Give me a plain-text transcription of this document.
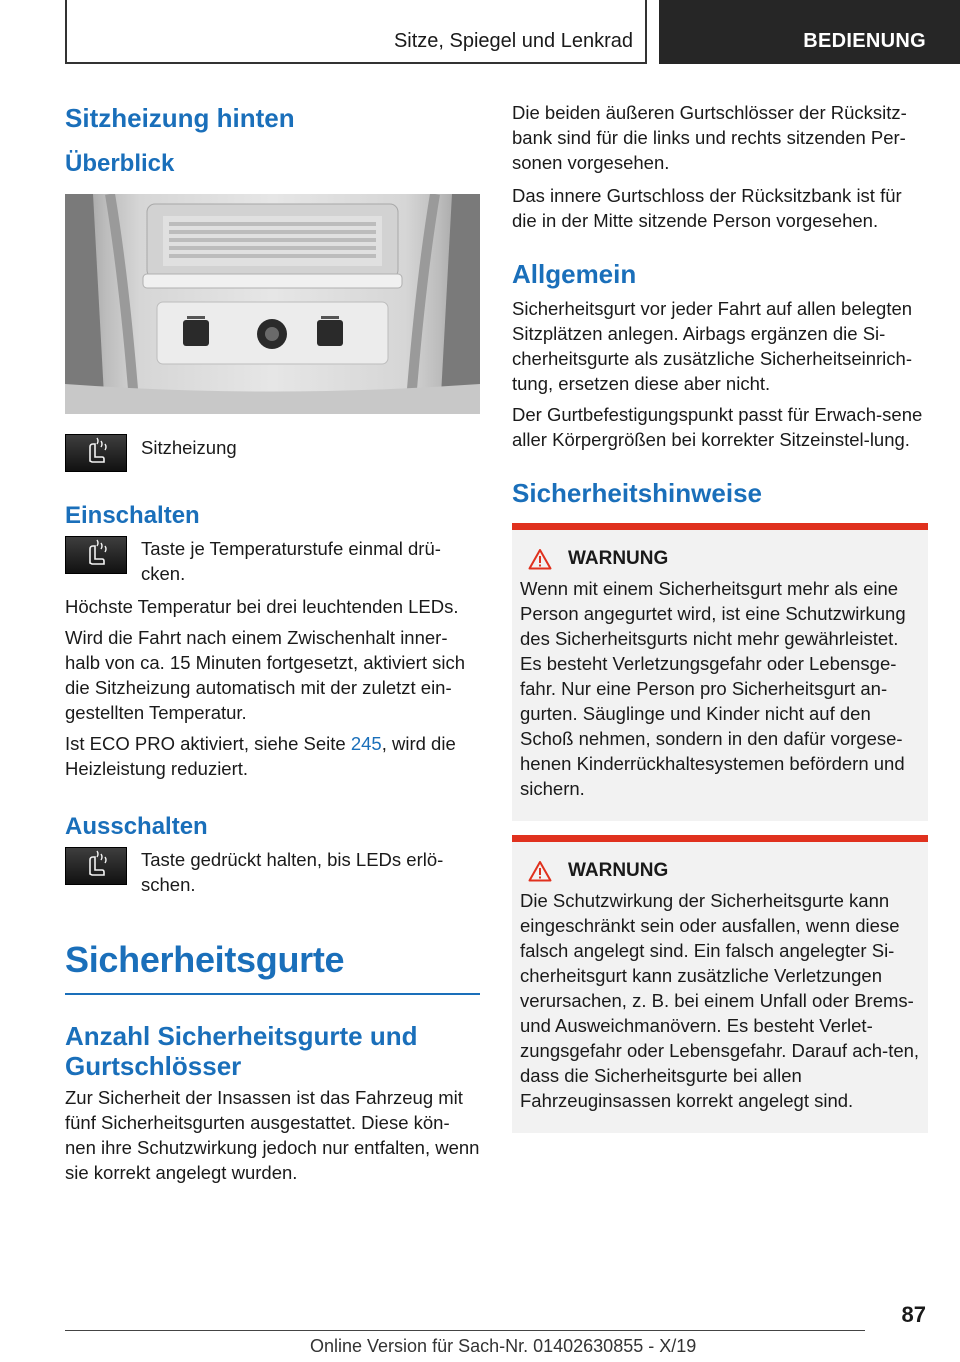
Sitze, Spiegel und Lenkrad	BEDIENUNG
Sitzheizung hinten
Überblick

Sitzheizung

Einschalten

Taste je Temperaturstufe einmal drü-cken.

Höchste Temperatur bei drei leuchtenden LEDs.

Wird die Fahrt nach einem Zwischenhalt inner-halb von ca. 15 Minuten fortgesetzt, aktiviert sich die Sitzheizung automatisch mit der zuletzt ein-gestellten Temperatur.

Ist ECO PRO aktiviert, siehe Seite 245, wird die Heizleistung reduziert.

Ausschalten

Taste gedrückt halten, bis LEDs erlö-schen.

Sicherheitsgurte
Anzahl Sicherheitsgurte und Gurtschlösser

Zur Sicherheit der Insassen ist das Fahrzeug mit fünf Sicherheitsgurten ausgestattet. Diese kön-nen ihre Schutzwirkung jedoch nur entfalten, wenn sie korrekt angelegt wurden.

Die beiden äußeren Gurtschlösser der Rücksitz-bank sind für die links und rechts sitzenden Per-sonen vorgesehen.

Das innere Gurtschloss der Rücksitzbank ist für die in der Mitte sitzende Person vorgesehen.

Allgemein

Sicherheitsgurt vor jeder Fahrt auf allen belegten Sitzplätzen anlegen. Airbags ergänzen die Si-cherheitsgurte als zusätzliche Sicherheitseinrich-tung, ersetzen diese aber nicht.

Der Gurtbefestigungspunkt passt für Erwach-sene aller Körpergrößen bei korrekter Sitzeinstel-lung.

Sicherheitshinweise
WARNUNG

Wenn mit einem Sicherheitsgurt mehr als eine Person angegurtet wird, ist eine Schutzwirkung des Sicherheitsgurts nicht mehr gewährleistet. Es besteht Verletzungsgefahr oder Lebensge-fahr. Nur eine Person pro Sicherheitsgurt an-gurten. Säuglinge und Kinder nicht auf den Schoß nehmen, sondern in den dafür vorgese-henen Kinderrückhaltesystemen befördern und sichern.

WARNUNG

Die Schutzwirkung der Sicherheitsgurte kann eingeschränkt sein oder ausfallen, wenn diese falsch angelegt sind. Ein falsch angelegter Si-cherheitsgurt kann zusätzliche Verletzungen verursachen, z. B. bei einem Unfall oder Brems-und Ausweichmanövern. Es besteht Verlet-zungsgefahr oder Lebensgefahr. Darauf ach-ten, dass die Sicherheitsgurte bei allen Fahrzeuginsassen korrekt angelegt sind.

87
Online Version für Sach-Nr. 01402630855 - X/19
